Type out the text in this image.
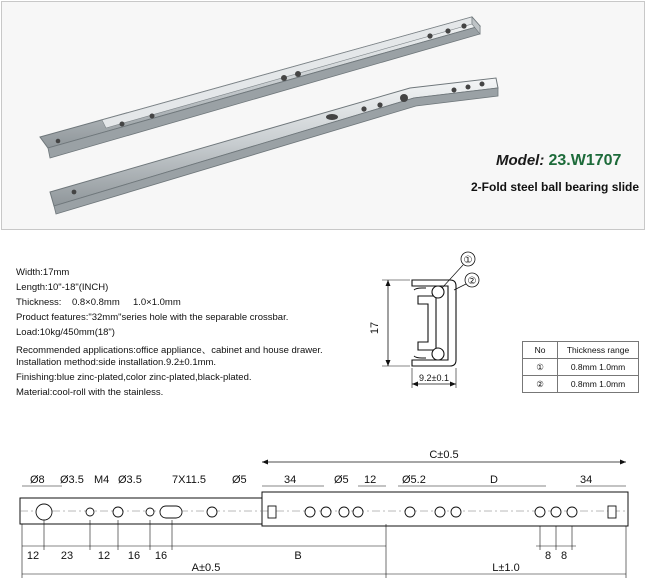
Model: 23.W1707
2-Fold steel ball bearing slide
Width:17mm
Length:10"-18"(INCH)
Thickness:    0.8×0.8mm     1.0×1.0mm
Product features:"32mm"series hole with the separable crossbar.
Load:10kg/450mm(18")
Recommended applications:office appliance、cabinet and house drawer.
Installation method:side installation.9.2±0.1mm.
Finishing:blue zinc-plated,color zinc-plated,black-plated.
Material:cool-roll with the stainless.
17
①
②
9.2±0.1
No	Thickness range
①	0.8mm 1.0mm
②	0.8mm 1.0mm
C±0.5
Ø8 Ø3.5 M4 Ø3.5	7X11.5 Ø5	34	Ø5 12 Ø5.2	D	34
12 23 12 16 16	B	8 8
A±0.5	L±1.0
